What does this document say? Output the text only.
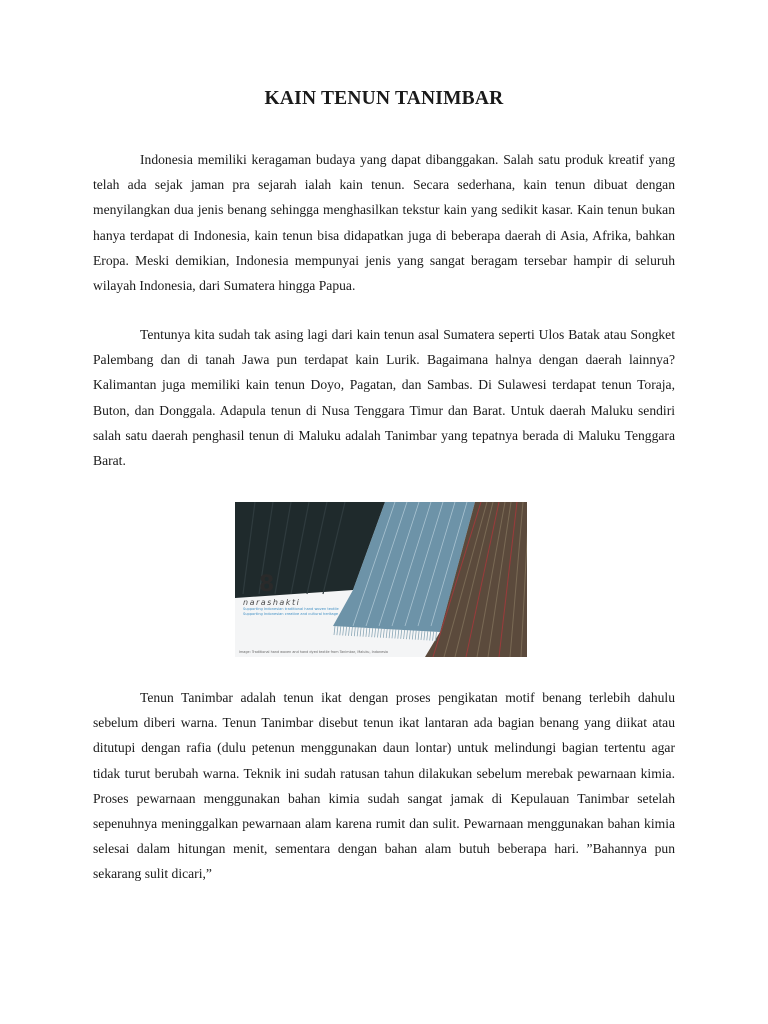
KAIN TENUN TANIMBAR

Indonesia memiliki keragaman budaya yang dapat dibanggakan. Salah satu produk kreatif yang telah ada sejak jaman pra sejarah ialah kain tenun. Secara sederhana, kain tenun dibuat dengan menyilangkan dua jenis benang sehingga menghasilkan tekstur kain yang sedikit kasar. Kain tenun bukan hanya terdapat di Indonesia, kain tenun bisa didapatkan juga di beberapa daerah di Asia, Afrika, bahkan Eropa. Meski demikian, Indonesia mempunyai jenis yang sangat beragam tersebar hampir di seluruh wilayah Indonesia, dari Sumatera hingga Papua.

Tentunya kita sudah tak asing lagi dari kain tenun asal Sumatera seperti Ulos Batak atau Songket Palembang dan di tanah Jawa pun terdapat kain Lurik. Bagaimana halnya dengan daerah lainnya? Kalimantan juga memiliki kain tenun Doyo, Pagatan, dan Sambas. Di Sulawesi terdapat tenun Toraja, Buton, dan Donggala. Adapula tenun di Nusa Tenggara Timur dan Barat. Untuk daerah Maluku sendiri salah satu daerah penghasil tenun di Maluku adalah Tanimbar yang tepatnya berada di Maluku Tenggara Barat.

8
narashakti
Supporting Indonesian traditional hand woven textile
Supporting Indonesian creative and cultural heritage
Image: Traditional hand woven and hand dyed textile from Tanimbar, Maluku, Indonesia

Tenun Tanimbar adalah tenun ikat dengan proses pengikatan motif benang terlebih dahulu sebelum diberi warna. Tenun Tanimbar disebut tenun ikat lantaran ada bagian benang yang diikat atau ditutupi dengan rafia (dulu petenun menggunakan daun lontar) untuk melindungi bagian tertentu agar tidak turut berubah warna. Teknik ini sudah ratusan tahun dilakukan sebelum merebak pewarnaan kimia. Proses pewarnaan menggunakan bahan kimia sudah sangat jamak di Kepulauan Tanimbar setelah sepenuhnya meninggalkan pewarnaan alam karena rumit dan sulit. Pewarnaan menggunakan bahan kimia selesai dalam hitungan menit, sementara dengan bahan alam butuh beberapa hari. ”Bahannya pun sekarang sulit dicari,”
